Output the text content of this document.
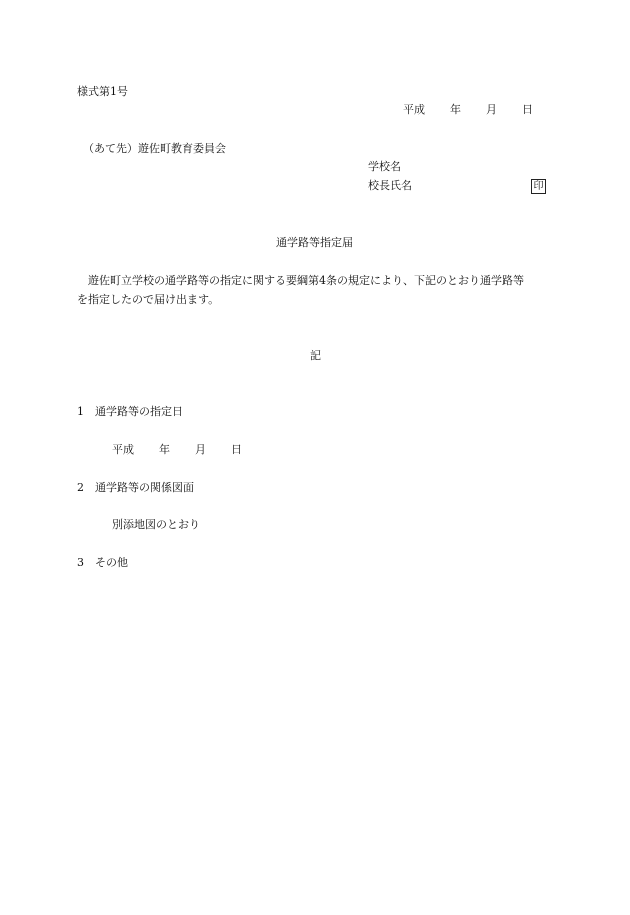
様式第1号
平成 年 月 日
（あて先）遊佐町教育委員会
学校名
校長氏名	印
通学路等指定届
遊佐町立学校の通学路等の指定に関する要綱第4条の規定により、下記のとおり通学路等
を指定したので届け出ます。
記
1 通学路等の指定日
平成 年 月 日
2 通学路等の関係図面
別添地図のとおり
3 その他
